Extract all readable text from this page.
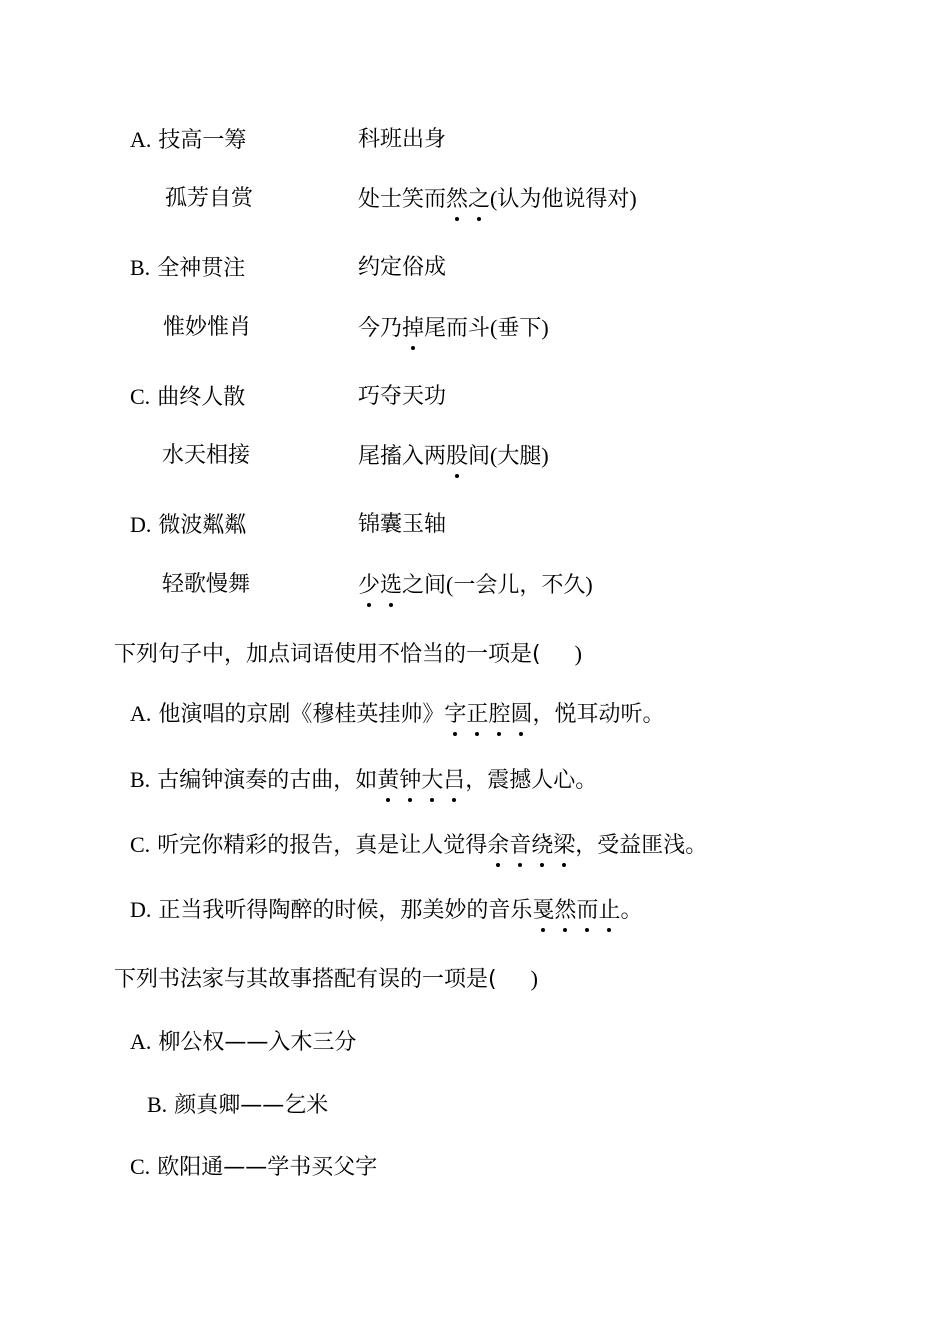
A. 技高一筹	科班出身
孤芳自赏	处士笑而然之(认为他说得对)
B. 全神贯注	约定俗成
惟妙惟肖	今乃掉尾而斗(垂下)
C. 曲终人散	巧夺天功
水天相接	尾搐入两股间(大腿)
D. 微波粼粼	锦囊玉轴
轻歌慢舞	少选之间(一会儿，不久)
下列句子中，加点词语使用不恰当的一项是( )
A. 他演唱的京剧《穆桂英挂帅》字正腔圆，悦耳动听。
B. 古编钟演奏的古曲，如黄钟大吕，震撼人心。
C. 听完你精彩的报告，真是让人觉得余音绕梁，受益匪浅。
D. 正当我听得陶醉的时候，那美妙的音乐戛然而止。
下列书法家与其故事搭配有误的一项是( )
A. 柳公权——入木三分
B. 颜真卿——乞米
C. 欧阳通——学书买父字
